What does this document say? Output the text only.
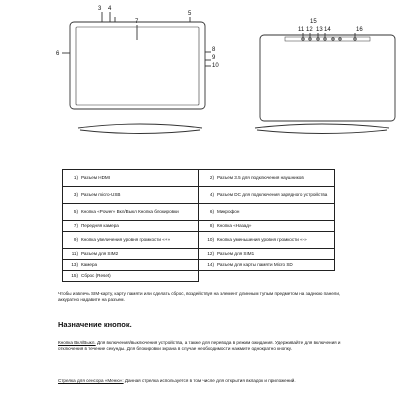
3 4
7
5
6
8
9
10
15
11 12 13 14	16
1) Разъем HDMI	2) Разъем 3.5 для подключения наушников
3) Разъем micro-USB	4) Разъем DC для подключения зарядного устройства
5) Кнопка «Power» Вкл/Выкл Кнопка блокировки	6) Микрофон
7) Передняя камера	8) Кнопка «Назад»
9) Кнопка увеличения уровня громкости «+»	10) Кнопка уменьшения уровня громкости «-»
11) Разъем для SIM2	12) Разъем для SIM1
13) Камера	14) Разъем для карты памяти Micro SD
15) Сброс (Reset)	
Чтобы извлечь SIM-карту, карту памяти или сделать сброс, воздействуя на элемент длинным тупым предметом на заднюю панели, аккуратно надавите на разъем.
Назначение кнопок.
Кнопка Вкл/Выкл. Для включения/выключения устройства, а также для перевода в режим ожидания. Удерживайте для включения и отключения в течение секунды. Для блокировки экрана в случае необходимости нажмите однократно кнопку.
Стрелка для сенсора «Меню»: Данная стрелка используется в том числе для открытия вкладок и приложений.
